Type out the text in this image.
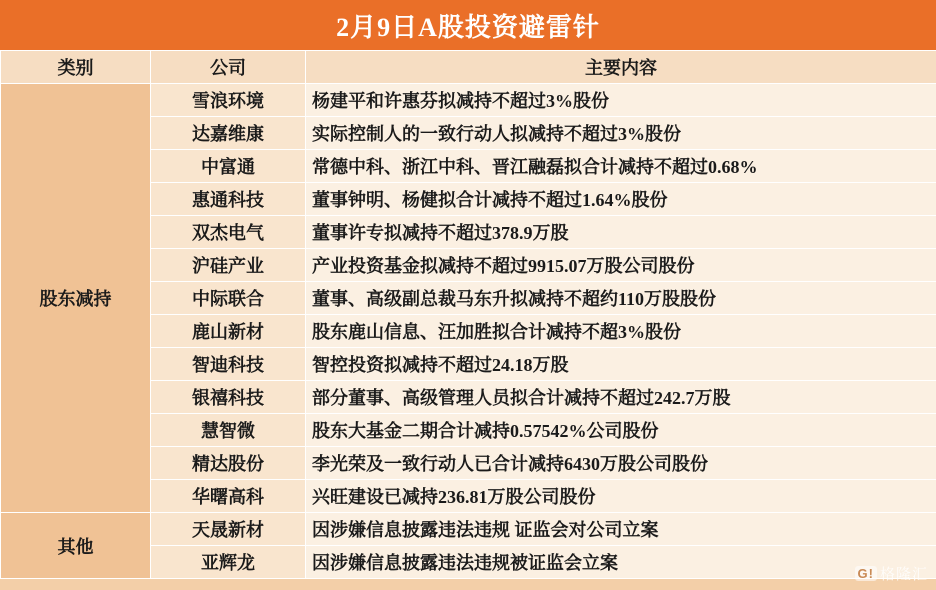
2月9日A股投资避雷针
类别	公司	主要内容
股东减持	雪浪环境	杨建平和许惠芬拟减持不超过3%股份
	达嘉维康	实际控制人的一致行动人拟减持不超过3%股份
	中富通	常德中科、浙江中科、晋江融磊拟合计减持不超过0.68%
	惠通科技	董事钟明、杨健拟合计减持不超过1.64%股份
	双杰电气	董事许专拟减持不超过378.9万股
	沪硅产业	产业投资基金拟减持不超过9915.07万股公司股份
	中际联合	董事、高级副总裁马东升拟减持不超约110万股股份
	鹿山新材	股东鹿山信息、汪加胜拟合计减持不超3%股份
	智迪科技	智控投资拟减持不超过24.18万股
	银禧科技	部分董事、高级管理人员拟合计减持不超过242.7万股
	慧智微	股东大基金二期合计减持0.57542%公司股份
	精达股份	李光荣及一致行动人已合计减持6430万股公司股份
	华曙高科	兴旺建设已减持236.81万股公司股份
其他	天晟新材	因涉嫌信息披露违法违规 证监会对公司立案
	亚辉龙	因涉嫌信息披露违法违规被证监会立案
G! 格隆汇
